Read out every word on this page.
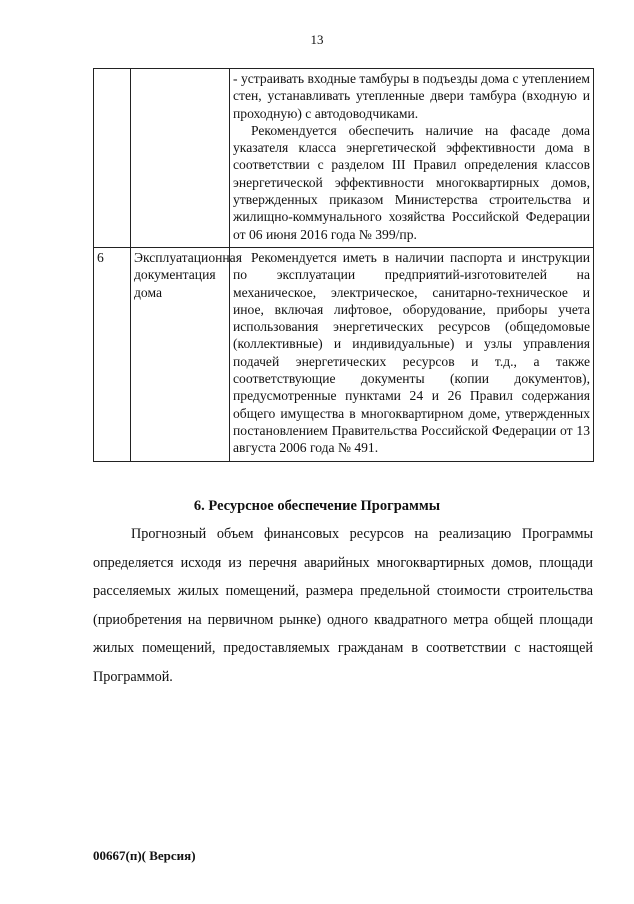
13

		- устраивать входные тамбуры в подъезды дома с утеплением стен, устанавливать утепленные двери тамбура (входную и проходную) с автодоводчиками.

Рекомендуется обеспечить наличие на фасаде дома указателя класса энергетической эффективности дома в соответствии с разделом III Правил определения классов энергетической эффективности многоквартирных домов, утвержденных приказом Министерства строительства и жилищно-коммунального хозяйства Российской Федерации от 06 июня 2016 года № 399/пр.

6	Эксплуатационная документация дома	Рекомендуется иметь в наличии паспорта и инструкции по эксплуатации предприятий-изготовителей на механическое, электрическое, санитарно-техническое и иное, включая лифтовое, оборудование, приборы учета использования энергетических ресурсов (общедомовые (коллективные) и индивидуальные) и узлы управления подачей энергетических ресурсов и т.д., а также соответствующие документы (копии документов), предусмотренные пунктами 24 и 26 Правил содержания общего имущества в многоквартирном доме, утвержденных постановлением Правительства Российской Федерации от 13 августа 2006 года № 491.

6. Ресурсное обеспечение Программы

Прогнозный объем финансовых ресурсов на реализацию Программы определяется исходя из перечня аварийных многоквартирных домов, площади расселяемых жилых помещений, размера предельной стоимости строительства (приобретения на первичном рынке) одного квадратного метра общей площади жилых помещений, предоставляемых гражданам в соответствии с настоящей Программой.

00667(п)( Версия)
